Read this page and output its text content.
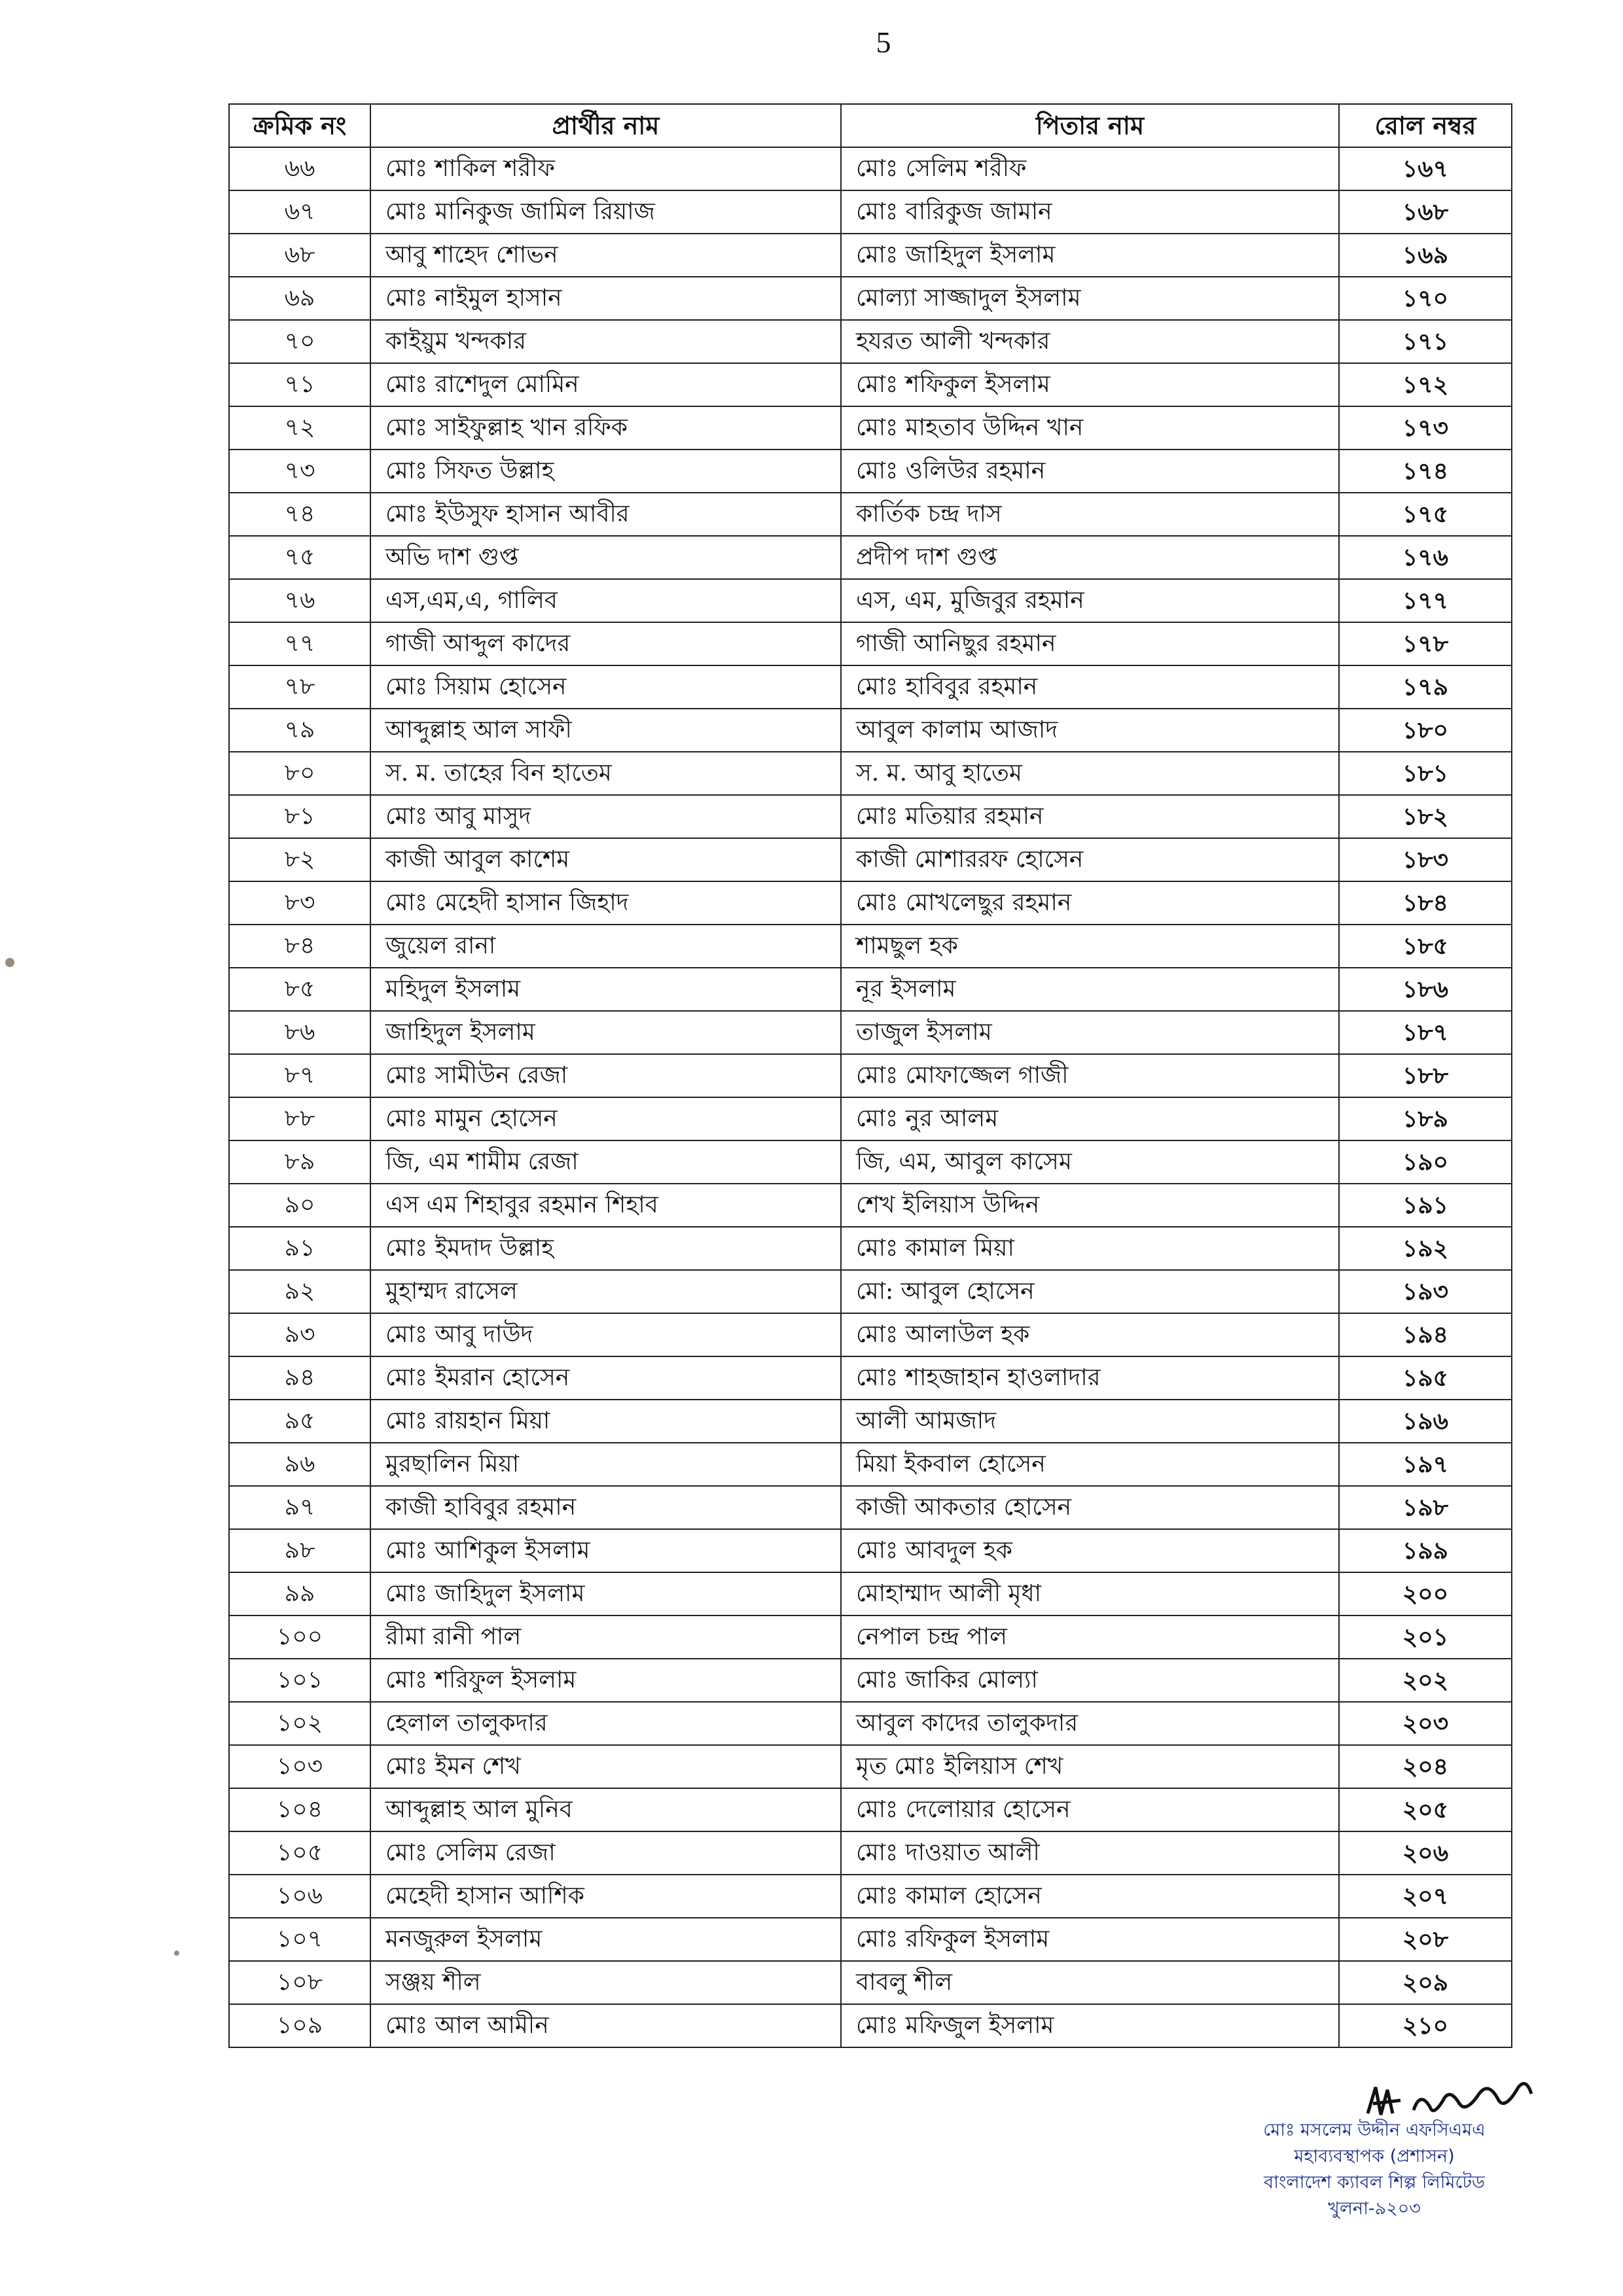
5
ক্রমিক নং	প্রার্থীর নাম	পিতার নাম	রোল নম্বর
৬৬	মোঃ শাকিল শরীফ	মোঃ সেলিম শরীফ	১৬৭
৬৭	মোঃ মানিকুজ জামিল রিয়াজ	মোঃ বারিকুজ জামান	১৬৮
৬৮	আবু শাহেদ শোভন	মোঃ জাহিদুল ইসলাম	১৬৯
৬৯	মোঃ নাইমুল হাসান	মোল্যা সাজ্জাদুল ইসলাম	১৭০
৭০	কাইয়ুম খন্দকার	হযরত আলী খন্দকার	১৭১
৭১	মোঃ রাশেদুল মোমিন	মোঃ শফিকুল ইসলাম	১৭২
৭২	মোঃ সাইফুল্লাহ খান রফিক	মোঃ মাহতাব উদ্দিন খান	১৭৩
৭৩	মোঃ সিফত উল্লাহ	মোঃ ওলিউর রহমান	১৭৪
৭৪	মোঃ ইউসুফ হাসান আবীর	কার্তিক চন্দ্র দাস	১৭৫
৭৫	অভি দাশ গুপ্ত	প্রদীপ দাশ গুপ্ত	১৭৬
৭৬	এস,এম,এ, গালিব	এস, এম, মুজিবুর রহমান	১৭৭
৭৭	গাজী আব্দুল কাদের	গাজী আনিছুর রহমান	১৭৮
৭৮	মোঃ সিয়াম হোসেন	মোঃ হাবিবুর রহমান	১৭৯
৭৯	আব্দুল্লাহ আল সাফী	আবুল কালাম আজাদ	১৮০
৮০	স. ম. তাহের বিন হাতেম	স. ম. আবু হাতেম	১৮১
৮১	মোঃ আবু মাসুদ	মোঃ মতিয়ার রহমান	১৮২
৮২	কাজী আবুল কাশেম	কাজী মোশাররফ হোসেন	১৮৩
৮৩	মোঃ মেহেদী হাসান জিহাদ	মোঃ মোখলেছুর রহমান	১৮৪
৮৪	জুয়েল রানা	শামছুল হক	১৮৫
৮৫	মহিদুল ইসলাম	নূর ইসলাম	১৮৬
৮৬	জাহিদুল ইসলাম	তাজুল ইসলাম	১৮৭
৮৭	মোঃ সামীউন রেজা	মোঃ মোফাজ্জেল গাজী	১৮৮
৮৮	মোঃ মামুন হোসেন	মোঃ নুর আলম	১৮৯
৮৯	জি, এম শামীম রেজা	জি, এম, আবুল কাসেম	১৯০
৯০	এস এম শিহাবুর রহমান শিহাব	শেখ ইলিয়াস উদ্দিন	১৯১
৯১	মোঃ ইমদাদ উল্লাহ	মোঃ কামাল মিয়া	১৯২
৯২	মুহাম্মদ রাসেল	মো: আবুল হোসেন	১৯৩
৯৩	মোঃ আবু দাউদ	মোঃ আলাউল হক	১৯৪
৯৪	মোঃ ইমরান হোসেন	মোঃ শাহজাহান হাওলাদার	১৯৫
৯৫	মোঃ রায়হান মিয়া	আলী আমজাদ	১৯৬
৯৬	মুরছালিন মিয়া	মিয়া ইকবাল হোসেন	১৯৭
৯৭	কাজী হাবিবুর রহমান	কাজী আকতার হোসেন	১৯৮
৯৮	মোঃ আশিকুল ইসলাম	মোঃ আবদুল হক	১৯৯
৯৯	মোঃ জাহিদুল ইসলাম	মোহাম্মাদ আলী মৃধা	২০০
১০০	রীমা রানী পাল	নেপাল চন্দ্র পাল	২০১
১০১	মোঃ শরিফুল ইসলাম	মোঃ জাকির মোল্যা	২০২
১০২	হেলাল তালুকদার	আবুল কাদের তালুকদার	২০৩
১০৩	মোঃ ইমন শেখ	মৃত মোঃ ইলিয়াস শেখ	২০৪
১০৪	আব্দুল্লাহ আল মুনিব	মোঃ দেলোয়ার হোসেন	২০৫
১০৫	মোঃ সেলিম রেজা	মোঃ দাওয়াত আলী	২০৬
১০৬	মেহেদী হাসান আশিক	মোঃ কামাল হোসেন	২০৭
১০৭	মনজুরুল ইসলাম	মোঃ রফিকুল ইসলাম	২০৮
১০৮	সঞ্জয় শীল	বাবলু শীল	২০৯
১০৯	মোঃ আল আমীন	মোঃ মফিজুল ইসলাম	২১০
মোঃ মসলেম উদ্দীন এফসিএমএ
মহাব্যবস্থাপক (প্রশাসন)
বাংলাদেশ ক্যাবল শিল্প লিমিটেড
খুলনা-৯২০৩
